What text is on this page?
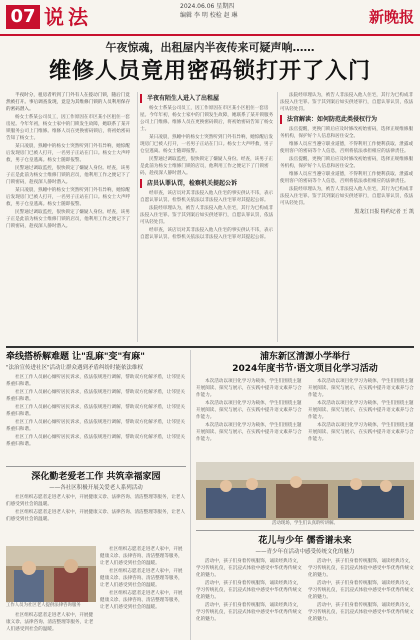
07 说法	2024.06.06 星期四
编辑 李 明 校检 赵 琳	新晚报
午夜惊魂，出租屋内半夜传来可疑声响……
维修人员竟用密码锁打开了入门

半夜时分，租房者听到了门外有人在拨动门锁，随后门竟然被打开。事后调查发现，竟是为其维修门锁的人员利用保存的密码潜入。

杨女士系某公司员工，因工作原因在市区某小区租住一套房屋。今年年初，杨女士家中的门锁发生故障，她联系了某开锁服务公司上门维修。维修人员在更换密码锁后，将初始密码告知了杨女士。

某日凌晨，熟睡中的杨女士突然听到门外有异响，她惊醒后发现房门已被人打开，一名男子正站在门口。杨女士大声呼救，男子仓皇逃离。杨女士随即报警。

民警通过调取监控，很快锁定了嫌疑人身份。经查，该男子正是此前为杨女士维修门锁的店员，他利用工作之便记下了门锁密码，趁夜深人静时潜入。

某日凌晨，熟睡中的杨女士突然听到门外有异响，她惊醒后发现房门已被人打开，一名男子正站在门口。杨女士大声呼救，男子仓皇逃离。杨女士随即报警。

民警通过调取监控，很快锁定了嫌疑人身份。经查，该男子正是此前为杨女士维修门锁的店员，他利用工作之便记下了门锁密码，趁夜深人静时潜入。

半夜有陌生人进入了出租屋

杨女士系某公司员工，因工作原因在市区某小区租住一套房屋。今年年初，杨女士家中的门锁发生故障，她联系了某开锁服务公司上门维修。维修人员在更换密码锁后，将初始密码告知了杨女士。

某日凌晨，熟睡中的杨女士突然听到门外有异响，她惊醒后发现房门已被人打开，一名男子正站在门口。杨女士大声呼救，男子仓皇逃离。杨女士随即报警。

民警通过调取监控，很快锁定了嫌疑人身份。经查，该男子正是此前为杨女士维修门锁的店员，他利用工作之便记下了门锁密码，趁夜深人静时潜入。

店员认罪认罚，检察机关提起公诉

经审查，该店员对其非法侵入他人住宅的事实供认不讳，表示自愿认罪认罚。检察机关依法以非法侵入住宅罪对其提起公诉。

法院经审理认为，被告人非法侵入他人住宅，其行为已构成非法侵入住宅罪。鉴于其到案后如实供述罪行，自愿认罪认罚，依法可从轻处罚。

经审查，该店员对其非法侵入他人住宅的事实供认不讳，表示自愿认罪认罚。检察机关依法以非法侵入住宅罪对其提起公诉。

法院经审理认为，被告人非法侵入他人住宅，其行为已构成非法侵入住宅罪。鉴于其到案后如实供述罪行，自愿认罪认罚，依法可从轻处罚。

法官解读：如何防范此类侵权行为

法官提醒，更换门锁后应及时修改初始密码，选择正规维修服务机构，保护好个人信息和居住安全。

维修人员应当遵守职业道德，不得利用工作便利获取、泄露或使用客户的密码等个人信息，否则将依法承担相应的法律责任。

法官提醒，更换门锁后应及时修改初始密码，选择正规维修服务机构，保护好个人信息和居住安全。

维修人员应当遵守职业道德，不得利用工作便利获取、泄露或使用客户的密码等个人信息，否则将依法承担相应的法律责任。

法院经审理认为，被告人非法侵入他人住宅，其行为已构成非法侵入住宅罪。鉴于其到案后如实供述罪行，自愿认罪认罚，依法可从轻处罚。

黑龙江日报 特约记者 王 凯

牵线搭桥解难题 让"乱麻"变"有麻"
"法治宣传进社区"活动让群众遇到矛盾纠纷时能依法维权

社区工作人员耐心倾听居民诉求，依法依规进行调解，帮助双方化解矛盾，让邻里关系重归和谐。

社区工作人员耐心倾听居民诉求，依法依规进行调解，帮助双方化解矛盾，让邻里关系重归和谐。

社区工作人员耐心倾听居民诉求，依法依规进行调解，帮助双方化解矛盾，让邻里关系重归和谐。

社区工作人员耐心倾听居民诉求，依法依规进行调解，帮助双方化解矛盾，让邻里关系重归和谐。

社区工作人员耐心倾听居民诉求，依法依规进行调解，帮助双方化解矛盾，让邻里关系重归和谐。

浦东新区清源小学举行
2024年度书节·语文项目化学习活动

本次活动以项目化学习为载体，学生们围绕主题开展阅读、探究与展示，在实践中提升语文素养与合作能力。

本次活动以项目化学习为载体，学生们围绕主题开展阅读、探究与展示，在实践中提升语文素养与合作能力。

本次活动以项目化学习为载体，学生们围绕主题开展阅读、探究与展示，在实践中提升语文素养与合作能力。

本次活动以项目化学习为载体，学生们围绕主题开展阅读、探究与展示，在实践中提升语文素养与合作能力。

本次活动以项目化学习为载体，学生们围绕主题开展阅读、探究与展示，在实践中提升语文素养与合作能力。

本次活动以项目化学习为载体，学生们围绕主题开展阅读、探究与展示，在实践中提升语文素养与合作能力。

活动现场，学生们认真聆听讲解。
深化勤老爱老工作 共筑幸福家园
——各社区积极开展关爱老人系列活动

社区组织志愿者走进老人家中，开展健康义诊、法律咨询、清洁整理等服务，让老人们感受到社会的温暖。

社区组织志愿者走进老人家中，开展健康义诊、法律咨询、清洁整理等服务，让老人们感受到社会的温暖。

工作人员为社区老人提供法律咨询服务

社区组织志愿者走进老人家中，开展健康义诊、法律咨询、清洁整理等服务，让老人们感受到社会的温暖。

社区组织志愿者走进老人家中，开展健康义诊、法律咨询、清洁整理等服务，让老人们感受到社会的温暖。

社区组织志愿者走进老人家中，开展健康义诊、法律咨询、清洁整理等服务，让老人们感受到社会的温暖。

社区组织志愿者走进老人家中，开展健康义诊、法律咨询、清洁整理等服务，让老人们感受到社会的温暖。

花儿与少年 儒香谱未来
——青少年在活动中感受传统文化的魅力

活动中，孩子们身着传统服饰，诵读经典诗文，学习传统礼仪，在沉浸式体验中感受中华优秀传统文化的魅力。

活动中，孩子们身着传统服饰，诵读经典诗文，学习传统礼仪，在沉浸式体验中感受中华优秀传统文化的魅力。

活动中，孩子们身着传统服饰，诵读经典诗文，学习传统礼仪，在沉浸式体验中感受中华优秀传统文化的魅力。

活动中，孩子们身着传统服饰，诵读经典诗文，学习传统礼仪，在沉浸式体验中感受中华优秀传统文化的魅力。

活动中，孩子们身着传统服饰，诵读经典诗文，学习传统礼仪，在沉浸式体验中感受中华优秀传统文化的魅力。

活动中，孩子们身着传统服饰，诵读经典诗文，学习传统礼仪，在沉浸式体验中感受中华优秀传统文化的魅力。
